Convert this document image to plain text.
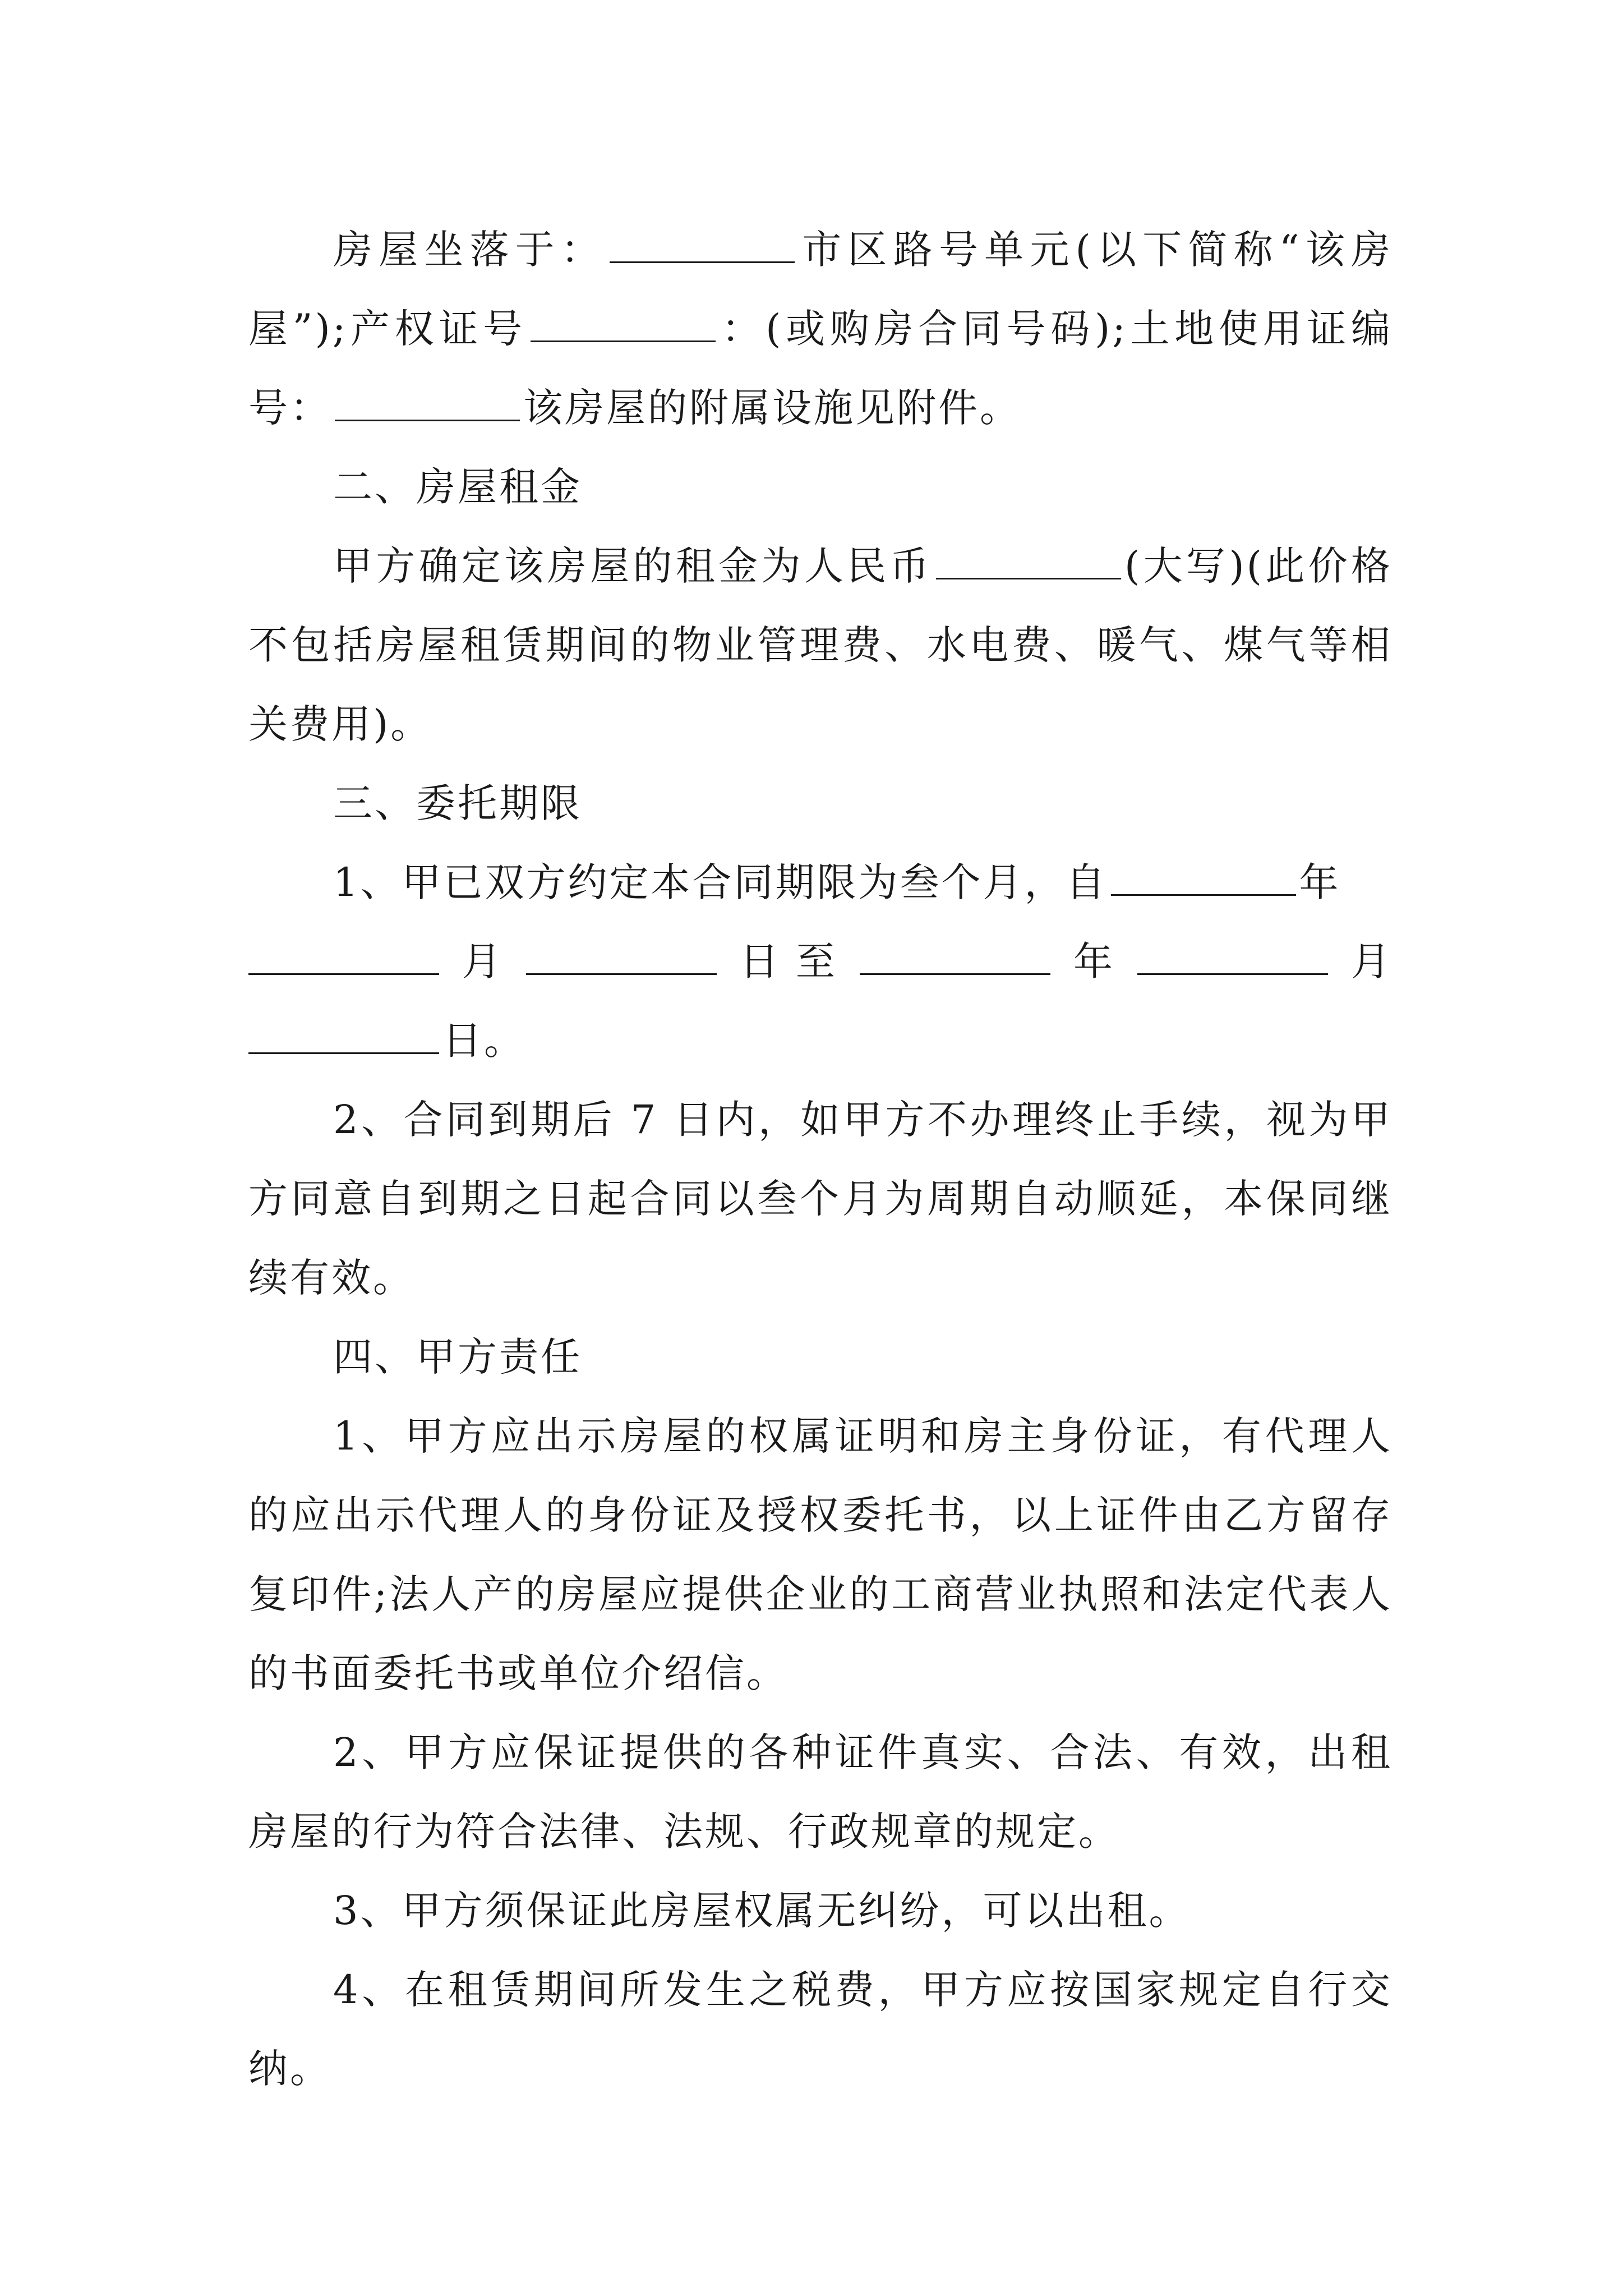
房屋坐落于：	市区路号单元(以下简称“该房屋”);产权证号	：(或购房合同号码);土地使用证编号：	该房屋的附属设施见附件。

二、房屋租金

甲方确定该房屋的租金为人民币	(大写)(此价格不包括房屋租赁期间的物业管理费、水电费、暖气、煤气等相关费用)。

三、委托期限

1、甲已双方约定本合同期限为叁个月，自	年

月	日 至	年	月

日。

2、合同到期后 7 日内，如甲方不办理终止手续，视为甲方同意自到期之日起合同以叁个月为周期自动顺延，本保同继续有效。

四、甲方责任

1、甲方应出示房屋的权属证明和房主身份证，有代理人的应出示代理人的身份证及授权委托书，以上证件由乙方留存复印件;法人产的房屋应提供企业的工商营业执照和法定代表人的书面委托书或单位介绍信。

2、甲方应保证提供的各种证件真实、合法、有效，出租房屋的行为符合法律、法规、行政规章的规定。

3、甲方须保证此房屋权属无纠纷，可以出租。

4、在租赁期间所发生之税费，甲方应按国家规定自行交纳。
